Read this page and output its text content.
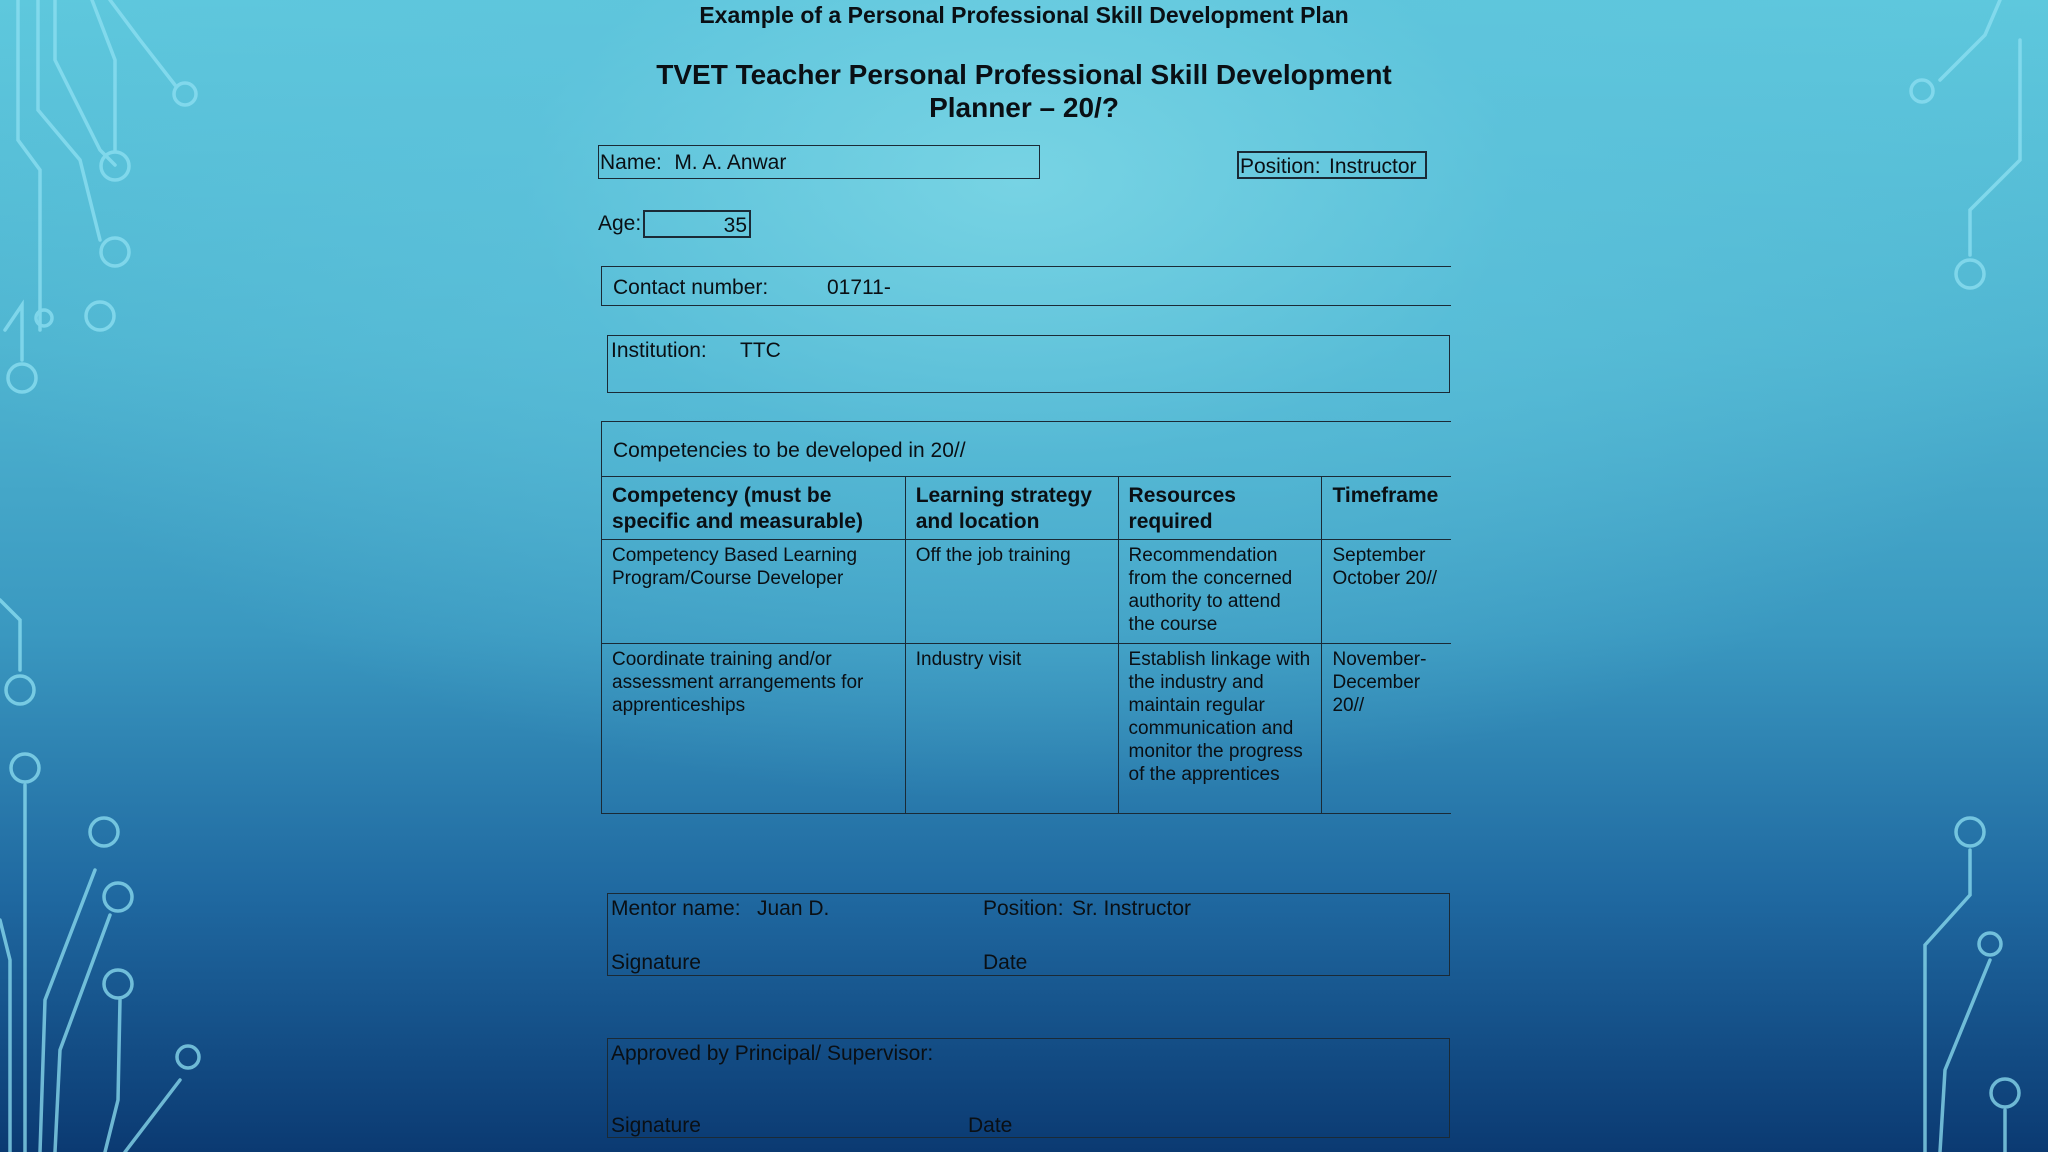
Example of a Personal Professional Skill Development Plan
TVET Teacher Personal Professional Skill Development
Planner – 20/?
Name: M. A. Anwar	Position: Instructor
Age:	35
Contact number:	01711-
Institution: TTC
Competencies to be developed in 20//
Competency (must be specific and measurable)	Learning strategy and location	Resources required	Timeframe
Competency Based Learning Program/Course Developer	Off the job training	Recommendation from the concerned authority to attend the course	September October 20//
Coordinate training and/or assessment arrangements for apprenticeships	Industry visit	Establish linkage with the industry and maintain regular communication and monitor the progress of the apprentices	November-December 20//
Mentor name: Juan D.	Position: Sr. Instructor
Signature	Date
Approved by Principal/ Supervisor:
Signature	Date
